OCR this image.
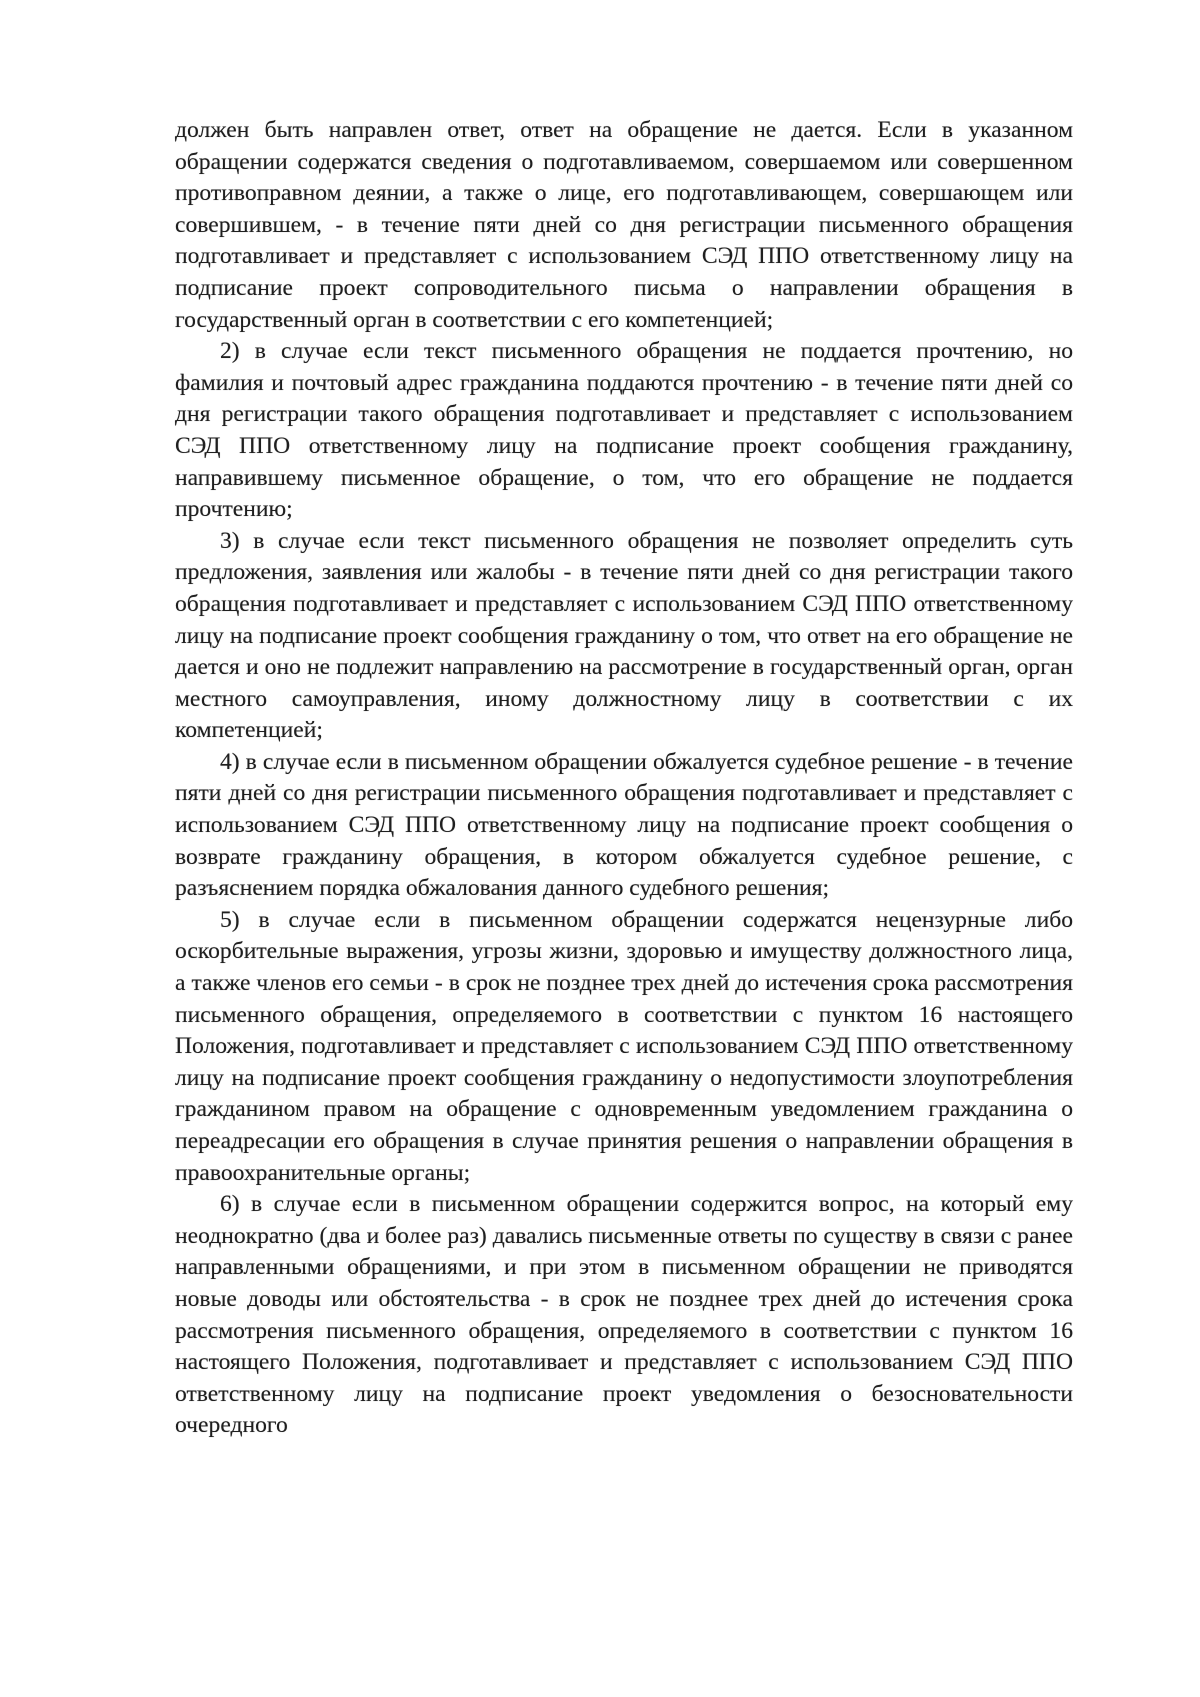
должен быть направлен ответ, ответ на обращение не дается. Если в указанном обращении содержатся сведения о подготавливаемом, совершаемом или совершенном противоправном деянии, а также о лице, его подготавливающем, совершающем или совершившем, - в течение пяти дней со дня регистрации письменного обращения подготавливает и представляет с использованием СЭД ППО ответственному лицу на подписание проект сопроводительного письма о направлении обращения в государственный орган в соответствии с его компетенцией;

2) в случае если текст письменного обращения не поддается прочтению, но фамилия и почтовый адрес гражданина поддаются прочтению - в течение пяти дней со дня регистрации такого обращения подготавливает и представляет с использованием СЭД ППО ответственному лицу на подписание проект сообщения гражданину, направившему письменное обращение, о том, что его обращение не поддается прочтению;

3) в случае если текст письменного обращения не позволяет определить суть предложения, заявления или жалобы - в течение пяти дней со дня регистрации такого обращения подготавливает и представляет с использованием СЭД ППО ответственному лицу на подписание проект сообщения гражданину о том, что ответ на его обращение не дается и оно не подлежит направлению на рассмотрение в государственный орган, орган местного самоуправления, иному должностному лицу в соответствии с их компетенцией;

4) в случае если в письменном обращении обжалуется судебное решение - в течение пяти дней со дня регистрации письменного обращения подготавливает и представляет с использованием СЭД ППО ответственному лицу на подписание проект сообщения о возврате гражданину обращения, в котором обжалуется судебное решение, с разъяснением порядка обжалования данного судебного решения;

5) в случае если в письменном обращении содержатся нецензурные либо оскорбительные выражения, угрозы жизни, здоровью и имуществу должностного лица, а также членов его семьи - в срок не позднее трех дней до истечения срока рассмотрения письменного обращения, определяемого в соответствии с пунктом 16 настоящего Положения, подготавливает и представляет с использованием СЭД ППО ответственному лицу на подписание проект сообщения гражданину о недопустимости злоупотребления гражданином правом на обращение с одновременным уведомлением гражданина о переадресации его обращения в случае принятия решения о направлении обращения в правоохранительные органы;

6) в случае если в письменном обращении содержится вопрос, на который ему неоднократно (два и более раз) давались письменные ответы по существу в связи с ранее направленными обращениями, и при этом в письменном обращении не приводятся новые доводы или обстоятельства - в срок не позднее трех дней до истечения срока рассмотрения письменного обращения, определяемого в соответствии с пунктом 16 настоящего Положения, подготавливает и представляет с использованием СЭД ППО ответственному лицу на подписание проект уведомления о безосновательности очередного
